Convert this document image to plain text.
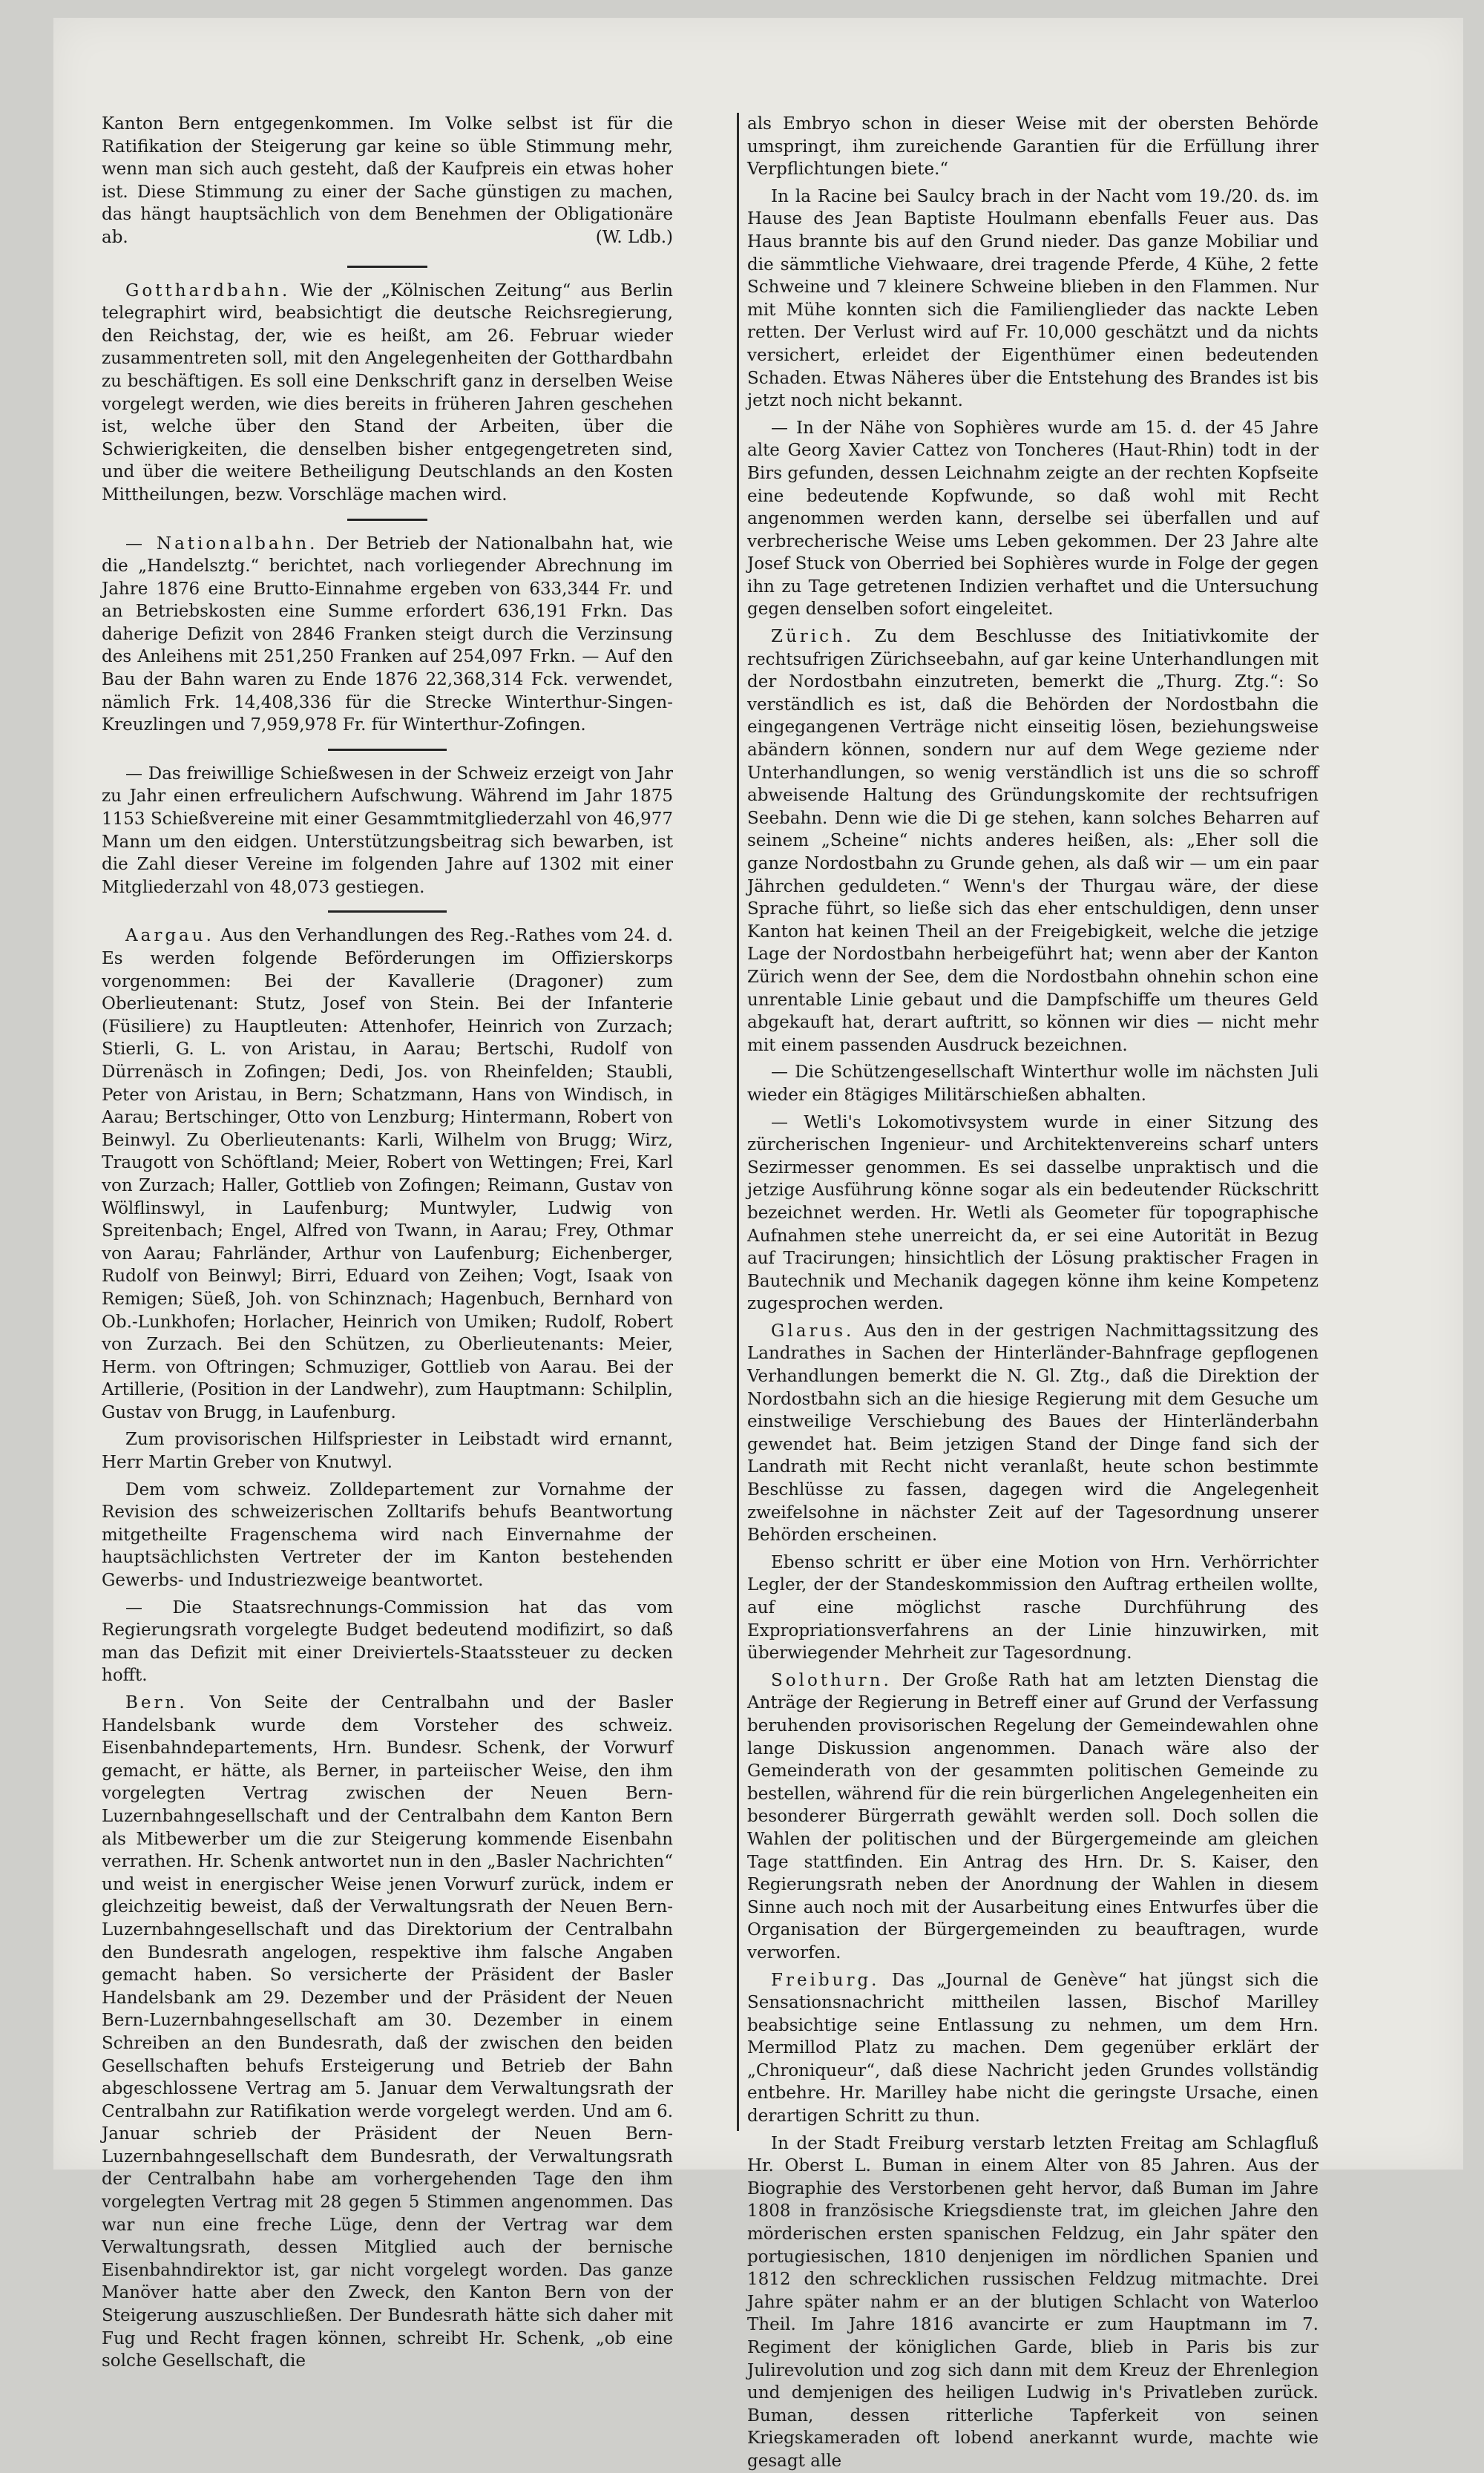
Kanton Bern entgegenkommen. Im Volke selbst ist für die Ratifikation der Steigerung gar keine so üble Stimmung mehr, wenn man sich auch gesteht, daß der Kaufpreis ein etwas hoher ist. Diese Stimmung zu einer der Sache günstigen zu machen, das hängt hauptsächlich von dem Benehmen der Obligationäre ab.	(W. Ldb.)

Gotthardbahn. Wie der „Kölnischen Zeitung“ aus Berlin telegraphirt wird, beabsichtigt die deutsche Reichsregierung, den Reichstag, der, wie es heißt, am 26. Februar wieder zusammentreten soll, mit den Angelegenheiten der Gotthardbahn zu beschäftigen. Es soll eine Denkschrift ganz in derselben Weise vorgelegt werden, wie dies bereits in früheren Jahren geschehen ist, welche über den Stand der Arbeiten, über die Schwierigkeiten, die denselben bisher entgegengetreten sind, und über die weitere Betheiligung Deutschlands an den Kosten Mittheilungen, bezw. Vorschläge machen wird.

— Nationalbahn. Der Betrieb der Nationalbahn hat, wie die „Handelsztg.“ berichtet, nach vorliegender Abrechnung im Jahre 1876 eine Brutto-Einnahme ergeben von 633,344 Fr. und an Betriebskosten eine Summe erfordert 636,191 Frkn. Das daherige Defizit von 2846 Franken steigt durch die Verzinsung des Anleihens mit 251,250 Franken auf 254,097 Frkn. — Auf den Bau der Bahn waren zu Ende 1876 22,368,314 Fck. verwendet, nämlich Frk. 14,408,336 für die Strecke Winterthur-Singen-Kreuzlingen und 7,959,978 Fr. für Winterthur-Zofingen.

— Das freiwillige Schießwesen in der Schweiz erzeigt von Jahr zu Jahr einen erfreulichern Aufschwung. Während im Jahr 1875 1153 Schießvereine mit einer Gesammtmitgliederzahl von 46,977 Mann um den eidgen. Unterstützungsbeitrag sich bewarben, ist die Zahl dieser Vereine im folgenden Jahre auf 1302 mit einer Mitgliederzahl von 48,073 gestiegen.

Aargau. Aus den Verhandlungen des Reg.-Rathes vom 24. d. Es werden folgende Beförderungen im Offizierskorps vorgenommen: Bei der Kavallerie (Dragoner) zum Oberlieutenant: Stutz, Josef von Stein. Bei der Infanterie (Füsiliere) zu Hauptleuten: Attenhofer, Heinrich von Zurzach; Stierli, G. L. von Aristau, in Aarau; Bertschi, Rudolf von Dürrenäsch in Zofingen; Dedi, Jos. von Rheinfelden; Staubli, Peter von Aristau, in Bern; Schatzmann, Hans von Windisch, in Aarau; Bertschinger, Otto von Lenzburg; Hintermann, Robert von Beinwyl. Zu Oberlieutenants: Karli, Wilhelm von Brugg; Wirz, Traugott von Schöftland; Meier, Robert von Wettingen; Frei, Karl von Zurzach; Haller, Gottlieb von Zofingen; Reimann, Gustav von Wölflinswyl, in Laufenburg; Muntwyler, Ludwig von Spreitenbach; Engel, Alfred von Twann, in Aarau; Frey, Othmar von Aarau; Fahrländer, Arthur von Laufenburg; Eichenberger, Rudolf von Beinwyl; Birri, Eduard von Zeihen; Vogt, Isaak von Remigen; Süeß, Joh. von Schinznach; Hagenbuch, Bernhard von Ob.-Lunkhofen; Horlacher, Heinrich von Umiken; Rudolf, Robert von Zurzach. Bei den Schützen, zu Oberlieutenants: Meier, Herm. von Oftringen; Schmuziger, Gottlieb von Aarau. Bei der Artillerie, (Position in der Landwehr), zum Hauptmann: Schilplin, Gustav von Brugg, in Laufenburg.

Zum provisorischen Hilfspriester in Leibstadt wird ernannt, Herr Martin Greber von Knutwyl.

Dem vom schweiz. Zolldepartement zur Vornahme der Revision des schweizerischen Zolltarifs behufs Beantwortung mitgetheilte Fragenschema wird nach Einvernahme der hauptsächlichsten Vertreter der im Kanton bestehenden Gewerbs- und Industriezweige beantwortet.

— Die Staatsrechnungs-Commission hat das vom Regierungsrath vorgelegte Budget bedeutend modifizirt, so daß man das Defizit mit einer Dreiviertels-Staatssteuer zu decken hofft.

Bern. Von Seite der Centralbahn und der Basler Handelsbank wurde dem Vorsteher des schweiz. Eisenbahndepartements, Hrn. Bundesr. Schenk, der Vorwurf gemacht, er hätte, als Berner, in parteiischer Weise, den ihm vorgelegten Vertrag zwischen der Neuen Bern-Luzernbahngesellschaft und der Centralbahn dem Kanton Bern als Mitbewerber um die zur Steigerung kommende Eisenbahn verrathen. Hr. Schenk antwortet nun in den „Basler Nachrichten“ und weist in energischer Weise jenen Vorwurf zurück, indem er gleichzeitig beweist, daß der Verwaltungsrath der Neuen Bern-Luzernbahngesellschaft und das Direktorium der Centralbahn den Bundesrath angelogen, respektive ihm falsche Angaben gemacht haben. So versicherte der Präsident der Basler Handelsbank am 29. Dezember und der Präsident der Neuen Bern-Luzernbahngesellschaft am 30. Dezember in einem Schreiben an den Bundesrath, daß der zwischen den beiden Gesellschaften behufs Ersteigerung und Betrieb der Bahn abgeschlossene Vertrag am 5. Januar dem Verwaltungsrath der Centralbahn zur Ratifikation werde vorgelegt werden. Und am 6. Januar schrieb der Präsident der Neuen Bern-Luzernbahngesellschaft dem Bundesrath, der Verwaltungsrath der Centralbahn habe am vorhergehenden Tage den ihm vorgelegten Vertrag mit 28 gegen 5 Stimmen angenommen. Das war nun eine freche Lüge, denn der Vertrag war dem Verwaltungsrath, dessen Mitglied auch der bernische Eisenbahndirektor ist, gar nicht vorgelegt worden. Das ganze Manöver hatte aber den Zweck, den Kanton Bern von der Steigerung auszuschließen. Der Bundesrath hätte sich daher mit Fug und Recht fragen können, schreibt Hr. Schenk, „ob eine solche Gesellschaft, die

als Embryo schon in dieser Weise mit der obersten Behörde umspringt, ihm zureichende Garantien für die Erfüllung ihrer Verpflichtungen biete.“

In la Racine bei Saulcy brach in der Nacht vom 19./20. ds. im Hause des Jean Baptiste Houlmann ebenfalls Feuer aus. Das Haus brannte bis auf den Grund nieder. Das ganze Mobiliar und die sämmtliche Viehwaare, drei tragende Pferde, 4 Kühe, 2 fette Schweine und 7 kleinere Schweine blieben in den Flammen. Nur mit Mühe konnten sich die Familienglieder das nackte Leben retten. Der Verlust wird auf Fr. 10,000 geschätzt und da nichts versichert, erleidet der Eigenthümer einen bedeutenden Schaden. Etwas Näheres über die Entstehung des Brandes ist bis jetzt noch nicht bekannt.

— In der Nähe von Sophières wurde am 15. d. der 45 Jahre alte Georg Xavier Cattez von Toncheres (Haut-Rhin) todt in der Birs gefunden, dessen Leichnahm zeigte an der rechten Kopfseite eine bedeutende Kopfwunde, so daß wohl mit Recht angenommen werden kann, derselbe sei überfallen und auf verbrecherische Weise ums Leben gekommen. Der 23 Jahre alte Josef Stuck von Oberried bei Sophières wurde in Folge der gegen ihn zu Tage getretenen Indizien verhaftet und die Untersuchung gegen denselben sofort eingeleitet.

Zürich. Zu dem Beschlusse des Initiativkomite der rechtsufrigen Zürichseebahn, auf gar keine Unterhandlungen mit der Nordostbahn einzutreten, bemerkt die „Thurg. Ztg.“: So verständlich es ist, daß die Behörden der Nordostbahn die eingegangenen Verträge nicht einseitig lösen, beziehungsweise abändern können, sondern nur auf dem Wege gezieme nder Unterhandlungen, so wenig verständlich ist uns die so schroff abweisende Haltung des Gründungskomite der rechtsufrigen Seebahn. Denn wie die Di ge stehen, kann solches Beharren auf seinem „Scheine“ nichts anderes heißen, als: „Eher soll die ganze Nordostbahn zu Grunde gehen, als daß wir — um ein paar Jährchen geduldeten.“ Wenn's der Thurgau wäre, der diese Sprache führt, so ließe sich das eher entschuldigen, denn unser Kanton hat keinen Theil an der Freigebigkeit, welche die jetzige Lage der Nordostbahn herbeigeführt hat; wenn aber der Kanton Zürich wenn der See, dem die Nordostbahn ohnehin schon eine unrentable Linie gebaut und die Dampfschiffe um theures Geld abgekauft hat, derart auftritt, so können wir dies — nicht mehr mit einem passenden Ausdruck bezeichnen.

— Die Schützengesellschaft Winterthur wolle im nächsten Juli wieder ein 8tägiges Militärschießen abhalten.

— Wetli's Lokomotivsystem wurde in einer Sitzung des zürcherischen Ingenieur- und Architektenvereins scharf unters Sezirmesser genommen. Es sei dasselbe unpraktisch und die jetzige Ausführung könne sogar als ein bedeutender Rückschritt bezeichnet werden. Hr. Wetli als Geometer für topographische Aufnahmen stehe unerreicht da, er sei eine Autorität in Bezug auf Tracirungen; hinsichtlich der Lösung praktischer Fragen in Bautechnik und Mechanik dagegen könne ihm keine Kompetenz zugesprochen werden.

Glarus. Aus den in der gestrigen Nachmittagssitzung des Landrathes in Sachen der Hinterländer-Bahnfrage gepflogenen Verhandlungen bemerkt die N. Gl. Ztg., daß die Direktion der Nordostbahn sich an die hiesige Regierung mit dem Gesuche um einstweilige Verschiebung des Baues der Hinterländerbahn gewendet hat. Beim jetzigen Stand der Dinge fand sich der Landrath mit Recht nicht veranlaßt, heute schon bestimmte Beschlüsse zu fassen, dagegen wird die Angelegenheit zweifelsohne in nächster Zeit auf der Tagesordnung unserer Behörden erscheinen.

Ebenso schritt er über eine Motion von Hrn. Verhörrichter Legler, der der Standeskommission den Auftrag ertheilen wollte, auf eine möglichst rasche Durchführung des Expropriationsverfahrens an der Linie hinzuwirken, mit überwiegender Mehrheit zur Tagesordnung.

Solothurn. Der Große Rath hat am letzten Dienstag die Anträge der Regierung in Betreff einer auf Grund der Verfassung beruhenden provisorischen Regelung der Gemeindewahlen ohne lange Diskussion angenommen. Danach wäre also der Gemeinderath von der gesammten politischen Gemeinde zu bestellen, während für die rein bürgerlichen Angelegenheiten ein besonderer Bürgerrath gewählt werden soll. Doch sollen die Wahlen der politischen und der Bürgergemeinde am gleichen Tage stattfinden. Ein Antrag des Hrn. Dr. S. Kaiser, den Regierungsrath neben der Anordnung der Wahlen in diesem Sinne auch noch mit der Ausarbeitung eines Entwurfes über die Organisation der Bürgergemeinden zu beauftragen, wurde verworfen.

Freiburg. Das „Journal de Genève“ hat jüngst sich die Sensationsnachricht mittheilen lassen, Bischof Marilley beabsichtige seine Entlassung zu nehmen, um dem Hrn. Mermillod Platz zu machen. Dem gegenüber erklärt der „Chroniqueur“, daß diese Nachricht jeden Grundes vollständig entbehre. Hr. Marilley habe nicht die geringste Ursache, einen derartigen Schritt zu thun.

In der Stadt Freiburg verstarb letzten Freitag am Schlagfluß Hr. Oberst L. Buman in einem Alter von 85 Jahren. Aus der Biographie des Verstorbenen geht hervor, daß Buman im Jahre 1808 in französische Kriegsdienste trat, im gleichen Jahre den mörderischen ersten spanischen Feldzug, ein Jahr später den portugiesischen, 1810 denjenigen im nördlichen Spanien und 1812 den schrecklichen russischen Feldzug mitmachte. Drei Jahre später nahm er an der blutigen Schlacht von Waterloo Theil. Im Jahre 1816 avancirte er zum Hauptmann im 7. Regiment der königlichen Garde, blieb in Paris bis zur Julirevolution und zog sich dann mit dem Kreuz der Ehrenlegion und demjenigen des heiligen Ludwig in's Privatleben zurück. Buman, dessen ritterliche Tapferkeit von seinen Kriegskameraden oft lobend anerkannt wurde, machte wie gesagt alle
